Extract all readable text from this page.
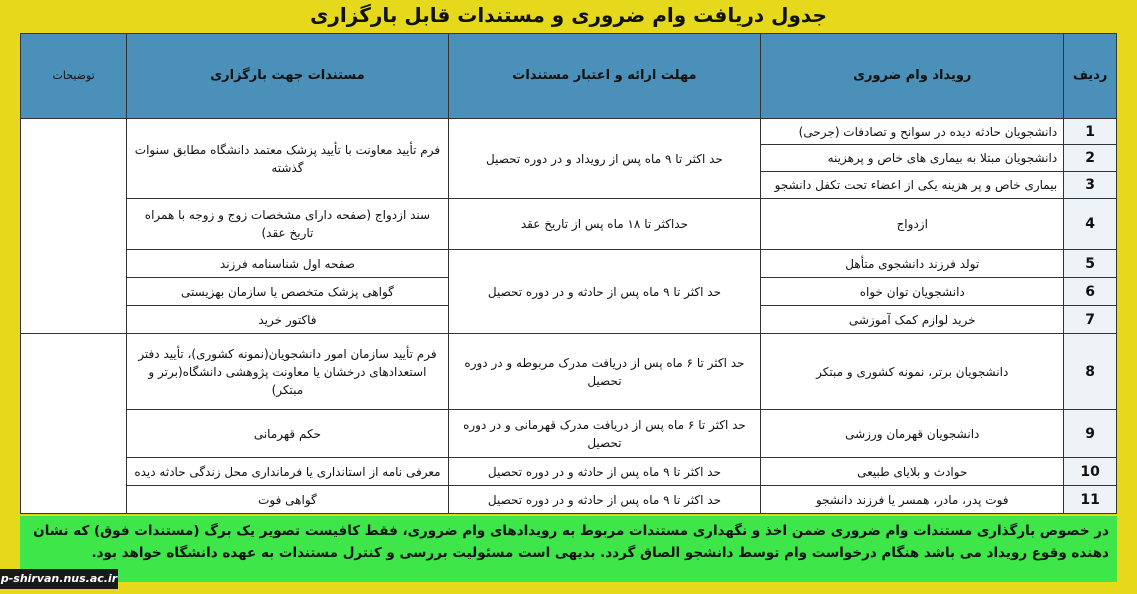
جدول دریافت وام ضروری و مستندات قابل بارگزاری
ردیف	رویداد وام ضروری	مهلت ارائه و اعتبار مستندات	مستندات جهت بارگزاری	توضیحات
1	دانشجویان حادثه دیده در سوانح و تصادفات (جرحی)	حد اکثر تا ۹ ماه پس از رویداد و در دوره تحصیل	فرم تأیید معاونت با تأیید پزشک معتمد دانشگاه مطابق سنوات گذشته	
2	دانشجویان مبتلا به بیماری های خاص و پرهزینه			
3	بیماری خاص و پر هزینه یکی از اعضاء تحت تکفل دانشجو			
4	ازدواج	حداکثر تا ۱۸ ماه پس از تاریخ عقد	سند ازدواج (صفحه دارای مشخصات زوج و زوجه با همراه تاریخ عقد)	
5	تولد فرزند دانشجوی متأهل	حد اکثر تا ۹ ماه پس از حادثه و در دوره تحصیل	صفحه اول شناسنامه فرزند	
6	دانشجویان توان خواه		گواهی پزشک متخصص یا سازمان بهزیستی	
7	خرید لوازم کمک آموزشی		فاکتور خرید	
8	دانشجویان برتر، نمونه کشوری و مبتکر	حد اکثر تا ۶ ماه پس از دریافت مدرک مربوطه و در دوره تحصیل	فرم تأیید سازمان امور دانشجویان(نمونه کشوری)، تأیید دفتر استعدادهای درخشان یا معاونت پژوهشی دانشگاه(برتر و مبتکر)	
9	دانشجویان قهرمان ورزشی	حد اکثر تا ۶ ماه پس از دریافت مدرک قهرمانی و در دوره تحصیل	حکم قهرمانی	
10	حوادث و بلایای طبیعی	حد اکثر تا ۹ ماه پس از حادثه و در دوره تحصیل	معرفی نامه از استانداری یا فرمانداری محل زندگی حادثه دیده	
11	فوت پدر، مادر، همسر یا فرزند دانشجو	حد اکثر تا ۹ ماه پس از حادثه و در دوره تحصیل	گواهی فوت	
در خصوص بارگذاری مستندات وام ضروری ضمن اخذ و نگهداری مستندات مربوط به رویدادهای وام ضروری، فقط کافیست تصویر یک برگ (مستندات فوق) که نشان دهنده وقوع رویداد می باشد هنگام درخواست وام توسط دانشجو الصاق گردد. بدیهی است مسئولیت بررسی و کنترل مستندات به عهده دانشگاه خواهد بود.
p-shirvan.nus.ac.ir
